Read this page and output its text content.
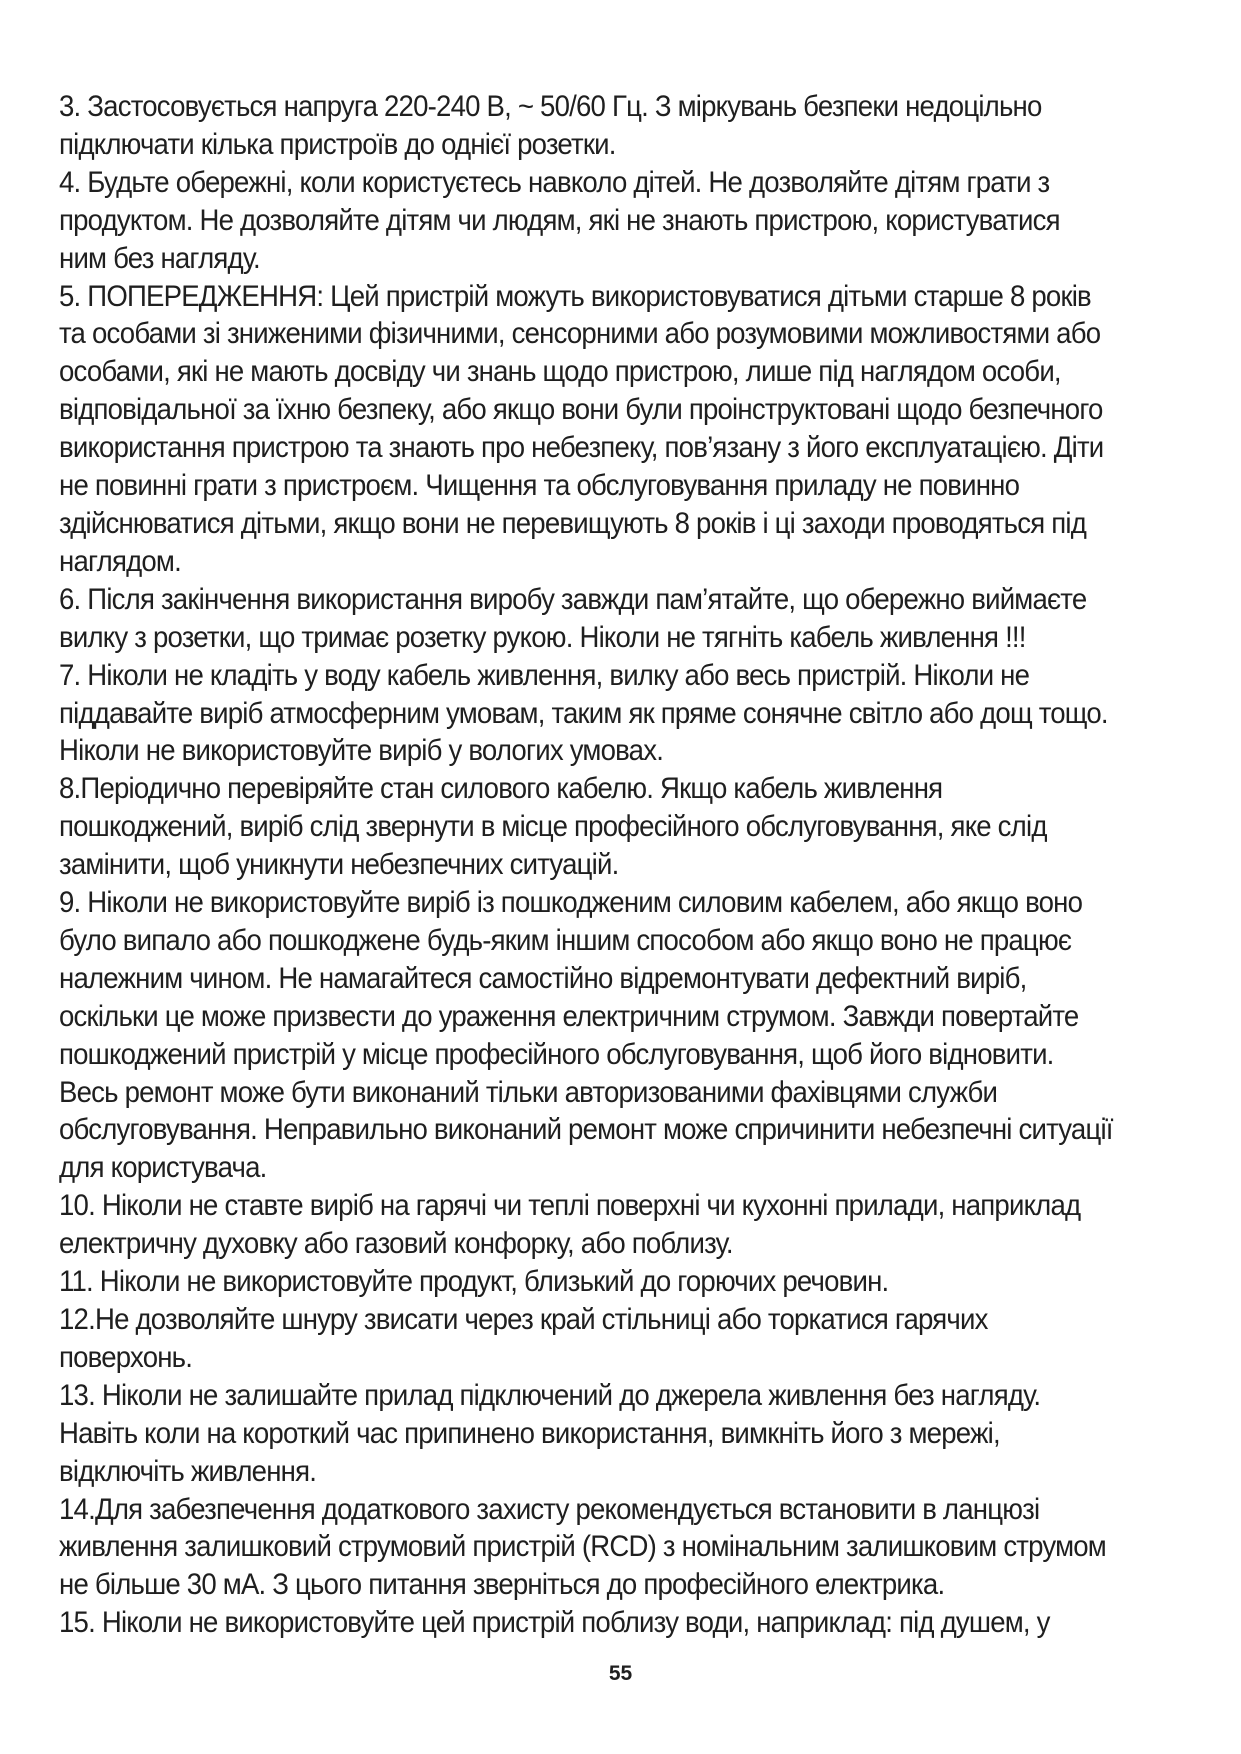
3. Застосовується напруга 220-240 В, ~ 50/60 Гц. З міркувань безпеки недоцільно підключати кілька пристроїв до однієї розетки.

4. Будьте обережні, коли користуєтесь навколо дітей. Не дозволяйте дітям грати з продуктом. Не дозволяйте дітям чи людям, які не знають пристрою, користуватися ним без нагляду.

5. ПОПЕРЕДЖЕННЯ: Цей пристрій можуть використовуватися дітьми старше 8 років та особами зі зниженими фізичними, сенсорними або розумовими можливостями або особами, які не мають досвіду чи знань щодо пристрою, лише під наглядом особи, відповідальної за їхню безпеку, або якщо вони були проінструктовані щодо безпечного використання пристрою та знають про небезпеку, пов’язану з його експлуатацією. Діти не повинні грати з пристроєм. Чищення та обслуговування приладу не повинно здійснюватися дітьми, якщо вони не перевищують 8 років і ці заходи проводяться під наглядом.

6. Після закінчення використання виробу завжди пам’ятайте, що обережно виймаєте вилку з розетки, що тримає розетку рукою. Ніколи не тягніть кабель живлення !!!

7. Ніколи не кладіть у воду кабель живлення, вилку або весь пристрій. Ніколи не піддавайте виріб атмосферним умовам, таким як пряме сонячне світло або дощ тощо. Ніколи не використовуйте виріб у вологих умовах.

8.Періодично перевіряйте стан силового кабелю. Якщо кабель живлення пошкоджений, виріб слід звернути в місце професійного обслуговування, яке слід замінити, щоб уникнути небезпечних ситуацій.

9. Ніколи не використовуйте виріб із пошкодженим силовим кабелем, або якщо воно було випало або пошкоджене будь-яким іншим способом або якщо воно не працює належним чином. Не намагайтеся самостійно відремонтувати дефектний виріб, оскільки це може призвести до ураження електричним струмом. Завжди повертайте пошкоджений пристрій у місце професійного обслуговування, щоб його відновити. Весь ремонт може бути виконаний тільки авторизованими фахівцями служби обслуговування. Неправильно виконаний ремонт може спричинити небезпечні ситуації для користувача.

10. Ніколи не ставте виріб на гарячі чи теплі поверхні чи кухонні прилади, наприклад електричну духовку або газовий конфорку, або поблизу.

11. Ніколи не використовуйте продукт, близький до горючих речовин.

12.Не дозволяйте шнуру звисати через край стільниці або торкатися гарячих поверхонь.

13. Ніколи не залишайте прилад підключений до джерела живлення без нагляду. Навіть коли на короткий час припинено використання, вимкніть його з мережі, відключіть живлення.

14.Для забезпечення додаткового захисту рекомендується встановити в ланцюзі живлення залишковий струмовий пристрій (RCD) з номінальним залишковим струмом не більше 30 мА. З цього питання зверніться до професійного електрика.

15. Ніколи не використовуйте цей пристрій поблизу води, наприклад: під душем, у

55
